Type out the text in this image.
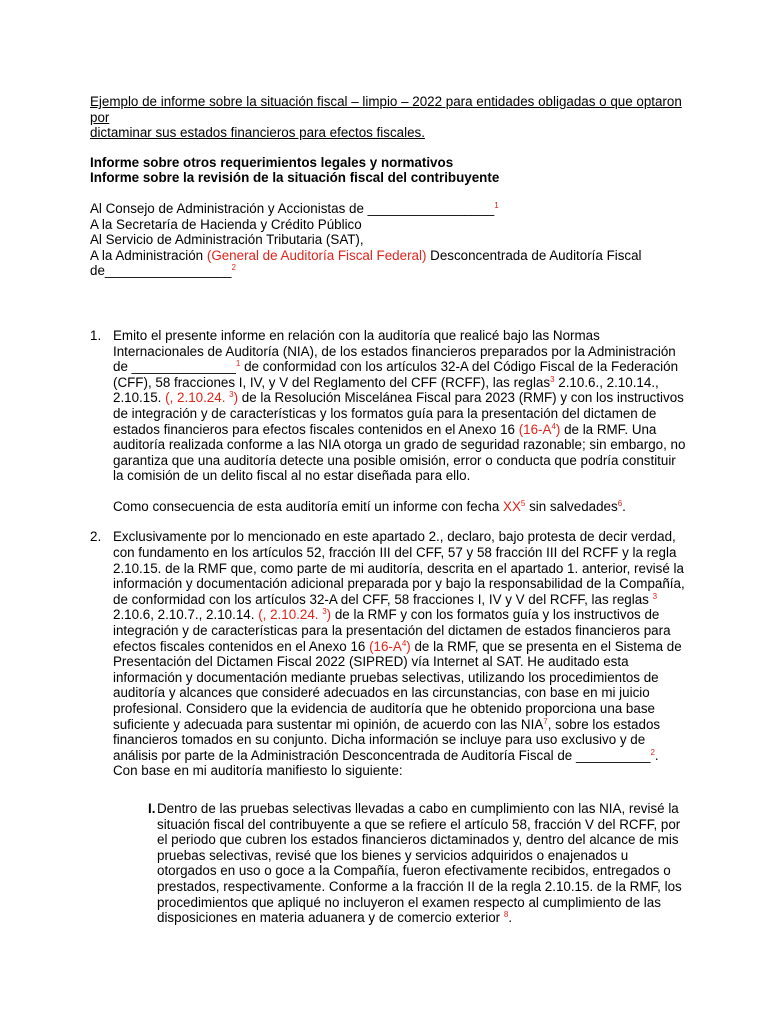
Ejemplo de informe sobre la situación fiscal – limpio – 2022 para entidades obligadas o que optaron por
dictaminar sus estados financieros para efectos fiscales.
Informe sobre otros requerimientos legales y normativos
Informe sobre la revisión de la situación fiscal del contribuyente
Al Consejo de Administración y Accionistas de _________________$^1$
A la Secretaría de Hacienda y Crédito Público
Al Servicio de Administración Tributaria (SAT),
A la Administración (General de Auditoría Fiscal Federal) Desconcentrada de Auditoría Fiscal
de_________________$^2$
1. Emito el presente informe en relación con la auditoría que realicé bajo las Normas Internacionales de Auditoría (NIA), de los estados financieros preparados por la Administración de ______________$^1$ de conformidad con los artículos 32-A del Código Fiscal de la Federación (CFF), 58 fracciones I, IV, y V del Reglamento del CFF (RCFF), las reglas$^3$ 2.10.6., 2.10.14., 2.10.15. (, 2.10.24. $^3$) de la Resolución Miscelánea Fiscal para 2023 (RMF) y con los instructivos de integración y de características y los formatos guía para la presentación del dictamen de estados financieros para efectos fiscales contenidos en el Anexo 16 $(16-A^4)$ de la RMF. Una auditoría realizada conforme a las NIA otorga un grado de seguridad razonable; sin embargo, no garantiza que una auditoría detecte una posible omisión, error o conducta que podría constituir la comisión de un delito fiscal al no estar diseñada para ello.

Como consecuencia de esta auditoría emití un informe con fecha $XX^5$ sin salvedades$^6$.

2. Exclusivamente por lo mencionado en este apartado 2., declaro, bajo protesta de decir verdad, con fundamento en los artículos 52, fracción III del CFF, 57 y 58 fracción III del RCFF y la regla 2.10.15. de la RMF que, como parte de mi auditoría, descrita en el apartado 1. anterior, revisé la información y documentación adicional preparada por y bajo la responsabilidad de la Compañía, de conformidad con los artículos 32-A del CFF, 58 fracciones I, IV y V del RCFF, las reglas $^3$ 2.10.6, 2.10.7., 2.10.14. (, 2.10.24. $^3$) de la RMF y con los formatos guía y los instructivos de integración y de características para la presentación del dictamen de estados financieros para efectos fiscales contenidos en el Anexo 16 $(16-A^4)$ de la RMF, que se presenta en el Sistema de Presentación del Dictamen Fiscal 2022 (SIPRED) vía Internet al SAT. He auditado esta información y documentación mediante pruebas selectivas, utilizando los procedimientos de auditoría y alcances que consideré adecuados en las circunstancias, con base en mi juicio profesional. Considero que la evidencia de auditoría que he obtenido proporciona una base suficiente y adecuada para sustentar mi opinión, de acuerdo con las NIA$^7$, sobre los estados financieros tomados en su conjunto. Dicha información se incluye para uso exclusivo y de análisis por parte de la Administración Desconcentrada de Auditoría Fiscal de __________$^2$. Con base en mi auditoría manifiesto lo siguiente:

I. Dentro de las pruebas selectivas llevadas a cabo en cumplimiento con las NIA, revisé la situación fiscal del contribuyente a que se refiere el artículo 58, fracción V del RCFF, por el periodo que cubren los estados financieros dictaminados y, dentro del alcance de mis pruebas selectivas, revisé que los bienes y servicios adquiridos o enajenados u otorgados en uso o goce a la Compañía, fueron efectivamente recibidos, entregados o prestados, respectivamente. Conforme a la fracción II de la regla 2.10.15. de la RMF, los procedimientos que apliqué no incluyeron el examen respecto al cumplimiento de las disposiciones en materia aduanera y de comercio exterior $^8$.
